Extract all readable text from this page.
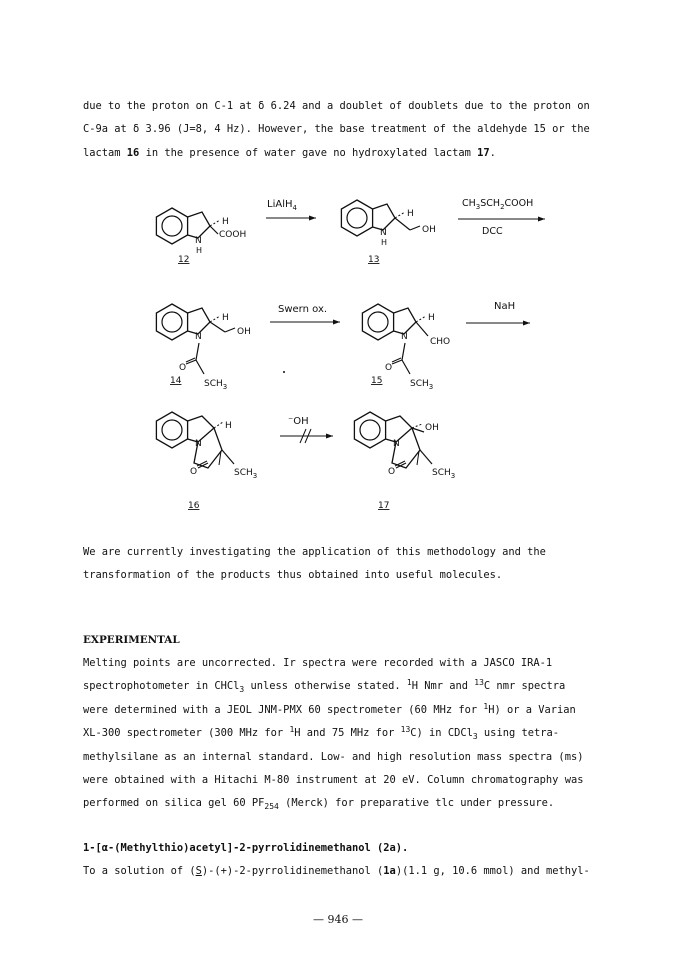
due to the proton on C-1 at δ 6.24 and a doublet of doublets due to the proton on
C-9a at δ 3.96 (J=8, 4 Hz). However, the base treatment of the aldehyde 15 or the
lactam 16 in the presence of water gave no hydroxylated lactam 17.
H
N
H
COOH
12
LiAlH$_4$
H
N
H
OH
13
$CH_3SCH_2COOH$
DCC
H
OH
N
O
$SCH_3$
14
Swern ox.
H
CHO
N
O
$SCH_3$
15
NaH
H
N
O	$SCH_3$
16
⁻OH
OH
N
O	$SCH_3$
17
We are currently investigating the application of this methodology and the
transformation of the products thus obtained into useful molecules.
EXPERIMENTAL
Melting points are uncorrected. Ir spectra were recorded with a JASCO IRA-1
spectrophotometer in CHCl$_3$ unless otherwise stated. $^1$H Nmr and $^{13}$C nmr spectra
were determined with a JEOL JNM-PMX 60 spectrometer (60 MHz for $^1$H) or a Varian
XL-300 spectrometer (300 MHz for $^1$H and 75 MHz for $^{13}$C) in CDCl$_3$ using tetra-
methylsilane as an internal standard. Low- and high resolution mass spectra (ms)
were obtained with a Hitachi M-80 instrument at 20 eV. Column chromatography was
performed on silica gel 60 $PF_{254}$ (Merck) for preparative tlc under pressure.
1-[α-(Methylthio)acetyl]-2-pyrrolidinemethanol (2a).
To a solution of (S)-(+)-2-pyrrolidinemethanol (1a)(1.1 g, 10.6 mmol) and methyl-
— 946 —
